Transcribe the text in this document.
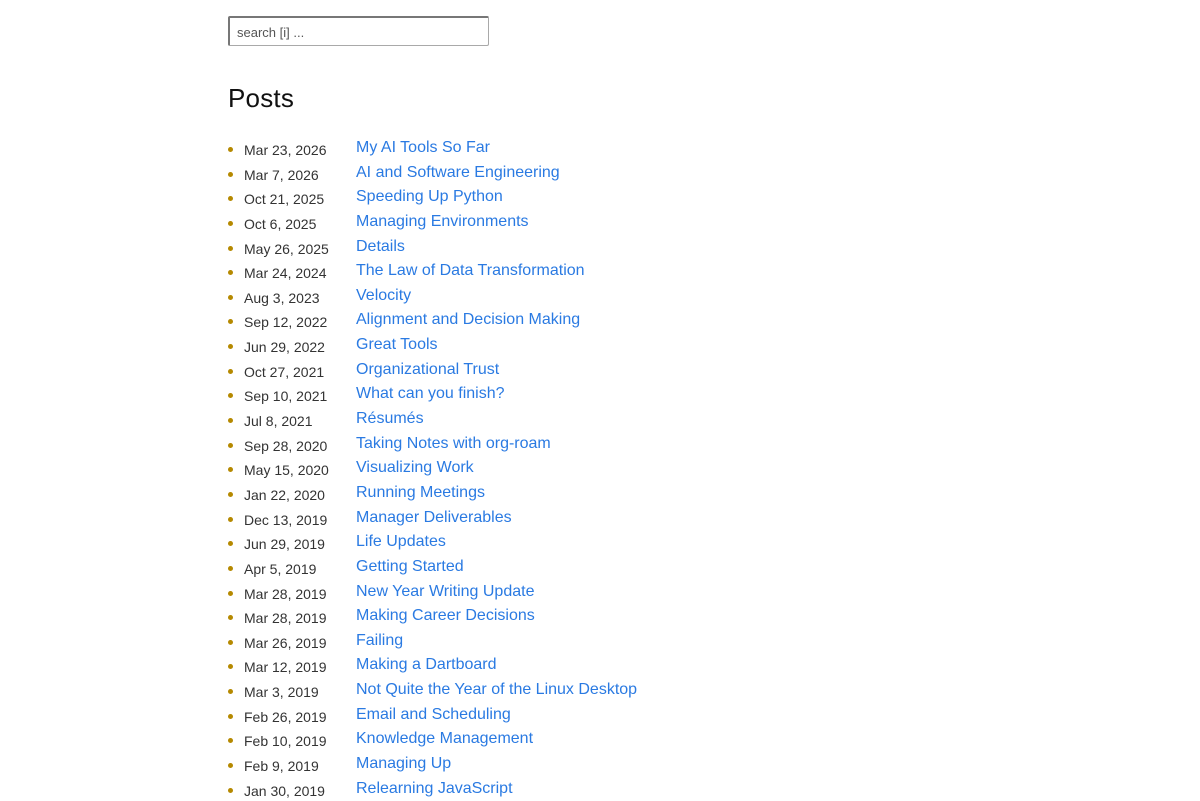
search [i] ...
Posts
Mar 23, 2026 My AI Tools So Far
Mar 7, 2026 AI and Software Engineering
Oct 21, 2025 Speeding Up Python
Oct 6, 2025 Managing Environments
May 26, 2025 Details
Mar 24, 2024 The Law of Data Transformation
Aug 3, 2023 Velocity
Sep 12, 2022 Alignment and Decision Making
Jun 29, 2022 Great Tools
Oct 27, 2021 Organizational Trust
Sep 10, 2021 What can you finish?
Jul 8, 2021	Résumés
Sep 28, 2020 Taking Notes with org-roam
May 15, 2020 Visualizing Work
Jan 22, 2020 Running Meetings
Dec 13, 2019 Manager Deliverables
Jun 29, 2019 Life Updates
Apr 5, 2019 Getting Started
Mar 28, 2019 New Year Writing Update
Mar 28, 2019 Making Career Decisions
Mar 26, 2019 Failing
Mar 12, 2019 Making a Dartboard
Mar 3, 2019 Not Quite the Year of the Linux Desktop
Feb 26, 2019 Email and Scheduling
Feb 10, 2019 Knowledge Management
Feb 9, 2019 Managing Up
Jan 30, 2019 Relearning JavaScript
